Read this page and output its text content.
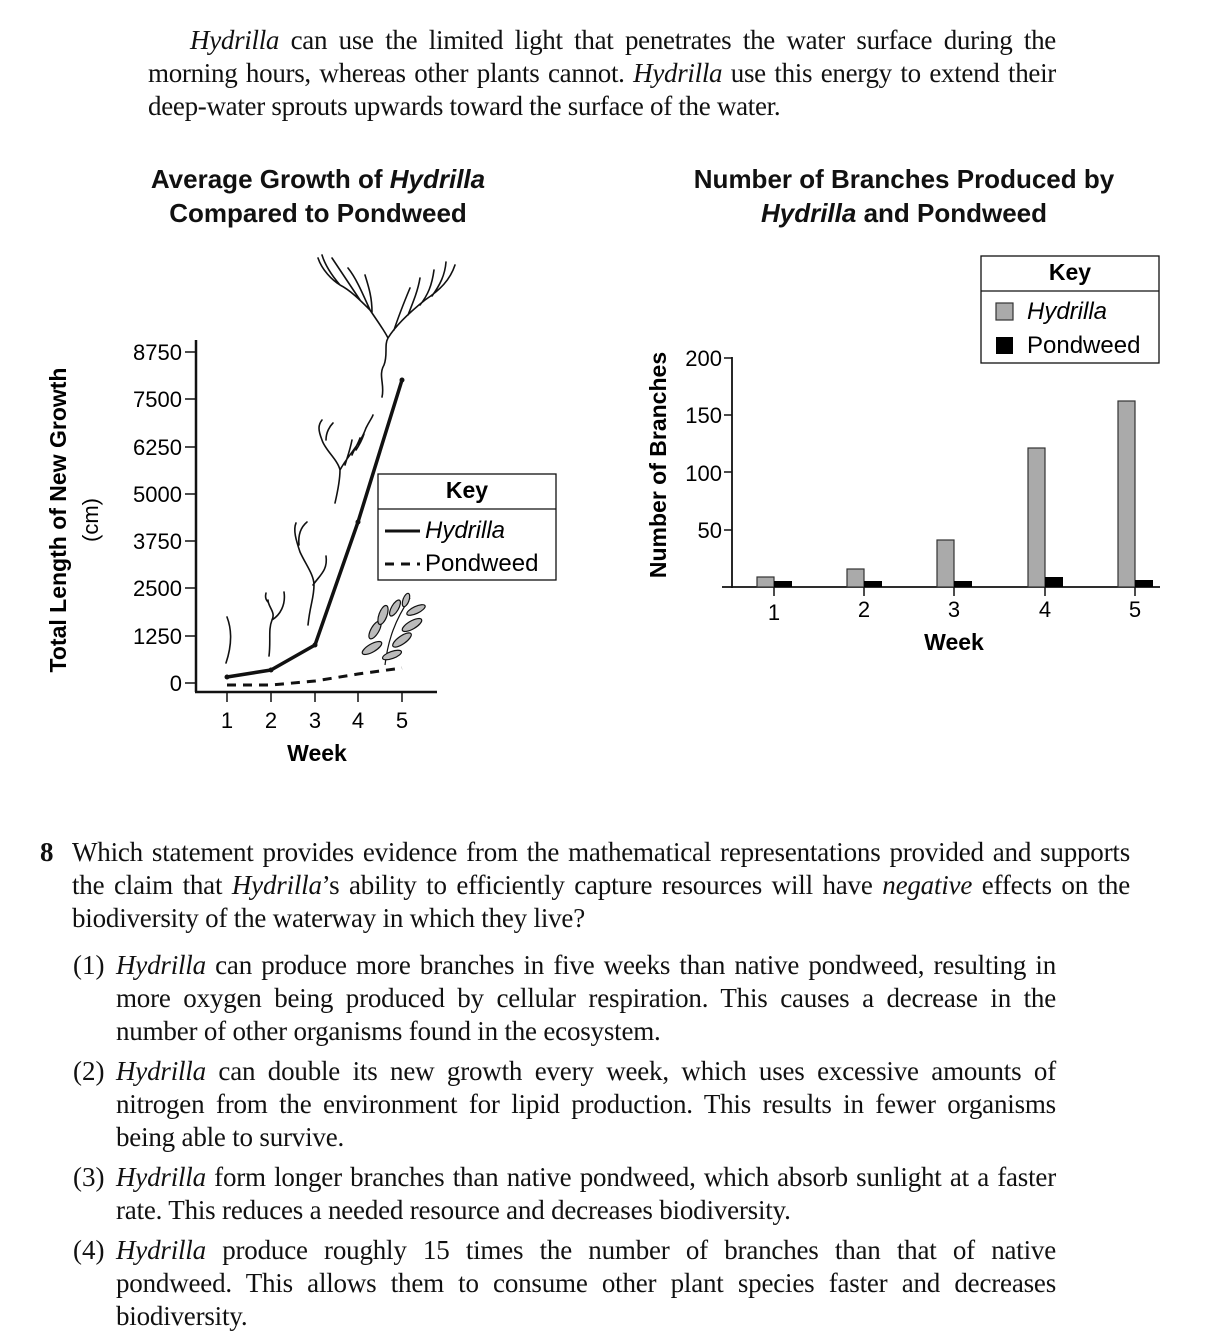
Hydrilla can use the limited light that penetrates the water surface during the morning hours, whereas other plants cannot. Hydrilla use this energy to extend their deep-water sprouts upwards toward the surface of the water.
Average Growth of Hydrilla
Compared to Pondweed
Number of Branches Produced by
Hydrilla and Pondweed
Total Length of New Growth (cm)
0
1250
2500
3750
5000
6250
7500
8750
1 2 3 4 5
Week
Key
Hydrilla
Pondweed	Number of Branches 50
100
150
200
1	2	3	4	5
Week
Key
Hydrilla
Pondweed
8 Which statement provides evidence from the mathematical representations provided and supports the claim that Hydrilla’s ability to efficiently capture resources will have negative effects on the biodiversity of the waterway in which they live?
(1) Hydrilla can produce more branches in five weeks than native pondweed, resulting in more oxygen being produced by cellular respiration. This causes a decrease in the number of other organisms found in the ecosystem.
(2) Hydrilla can double its new growth every week, which uses excessive amounts of nitrogen from the environment for lipid production. This results in fewer organisms being able to survive.
(3) Hydrilla form longer branches than native pondweed, which absorb sunlight at a faster rate. This reduces a needed resource and decreases biodiversity.
(4) Hydrilla produce roughly 15 times the number of branches than that of native pondweed. This allows them to consume other plant species faster and decreases biodiversity.
